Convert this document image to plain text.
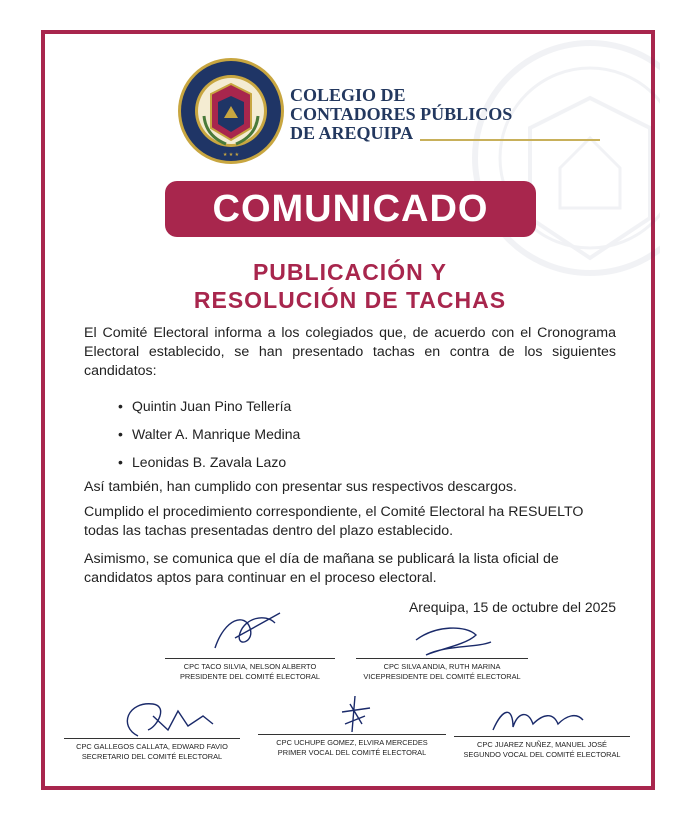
★ ★ ★
COLEGIO DE
CONTADORES PÚBLICOS
DE AREQUIPA
COMUNICADO
PUBLICACIÓN Y
RESOLUCIÓN DE TACHAS
El Comité Electoral informa a los colegiados que, de acuerdo con el Cronograma Electoral establecido, se han presentado tachas en contra de los siguientes candidatos:
• Quintin Juan Pino Tellería
• Walter A. Manrique Medina
• Leonidas B. Zavala Lazo
Así también, han cumplido con presentar sus respectivos descargos.
Cumplido el procedimiento correspondiente, el Comité Electoral ha RESUELTO todas las tachas presentadas dentro del plazo establecido.
Asimismo, se comunica que el día de mañana se publicará la lista oficial de candidatos aptos para continuar en el proceso electoral.
Arequipa, 15 de octubre del 2025
CPC TACO SILVIA, NELSON ALBERTO
PRESIDENTE DEL COMITÉ ELECTORAL
CPC SILVA ANDIA, RUTH MARINA
VICEPRESIDENTE DEL COMITÉ ELECTORAL
CPC GALLEGOS CALLATA, EDWARD FAVIO
SECRETARIO DEL COMITÉ ELECTORAL
CPC UCHUPE GOMEZ, ELVIRA MERCEDES
PRIMER VOCAL DEL COMITÉ ELECTORAL
CPC JUAREZ NUÑEZ, MANUEL JOSÉ
SEGUNDO VOCAL DEL COMITÉ ELECTORAL
